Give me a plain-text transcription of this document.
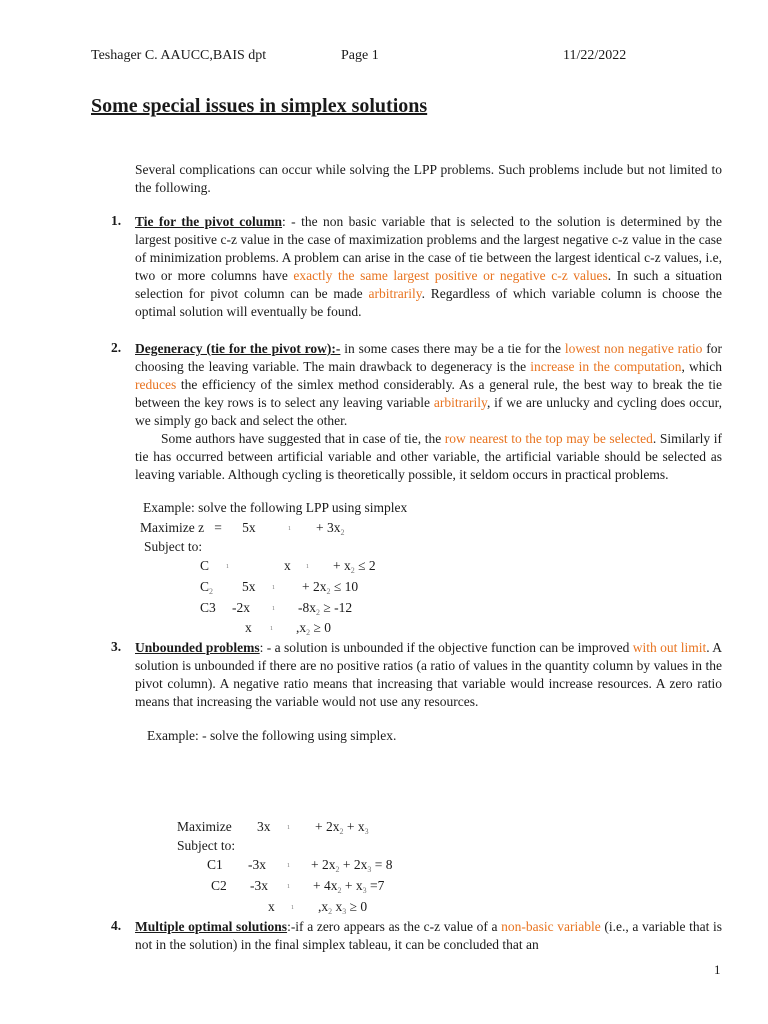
Teshager C. AAUCC,BAIS dpt	Page 1	11/22/2022
Some special issues in simplex solutions

Several complications can occur while solving the LPP problems. Such problems include but not limited to the following.

1. Tie for the pivot column: - the non basic variable that is selected to the solution is determined by the largest positive c-z value in the case of maximization problems and the largest negative c-z value in the case of minimization problems. A problem can arise in the case of tie between the largest identical c-z values, i.e, two or more columns have exactly the same largest positive or negative c-z values. In such a situation selection for pivot column can be made arbitrarily. Regardless of which variable column is choose the optimal solution will eventually be found.

2. Degeneracy (tie for the pivot row):- in some cases there may be a tie for the lowest non negative ratio for choosing the leaving variable. The main drawback to degeneracy is the increase in the computation, which reduces the efficiency of the simlex method considerably. As a general rule, the best way to break the tie between the key rows is to select any leaving variable arbitrarily, if we are unlucky and cycling does occur, we simply go back and select the other.

Some authors have suggested that in case of tie, the row nearest to the top may be selected. Similarly if tie has occurred between artificial variable and other variable, the artificial variable should be selected as leaving variable. Although cycling is theoretically possible, it seldom occurs in practical problems.

Example: solve the following LPP using simplex
Maximize z   =      5x	$1 + 3x_2$
Subject to:
C	1	x	$1 + x_2 \le 2$
$C_2$ 5x	$1 + 2x_2 \le 10$
C3 -2x	1 $-8x_2 \ge -12$
x	1 $,x_2 \ge 0$
3. Unbounded problems: - a solution is unbounded if the objective function can be improved with out limit. A solution is unbounded if there are no positive ratios (a ratio of values in the quantity column by values in the pivot column). A negative ratio means that increasing that variable would increase resources. A zero ratio means that increasing the variable would not use any resources.

Example: - solve the following using simplex.
Maximize 3x	$1 + 2x_2 + x_3$
Subject to:
C1 -3x	$1 + 2x_2 + 2x_3 = 8$
C2 -3x	$1 + 4x_2 + x_3 =7$
x	1 $,x_2$ $x_3 \ge 0$
4. Multiple optimal solutions:-if a zero appears as the c-z value of a non-basic variable (i.e., a variable that is not in the solution) in the final simplex tableau, it can be concluded that an

1
